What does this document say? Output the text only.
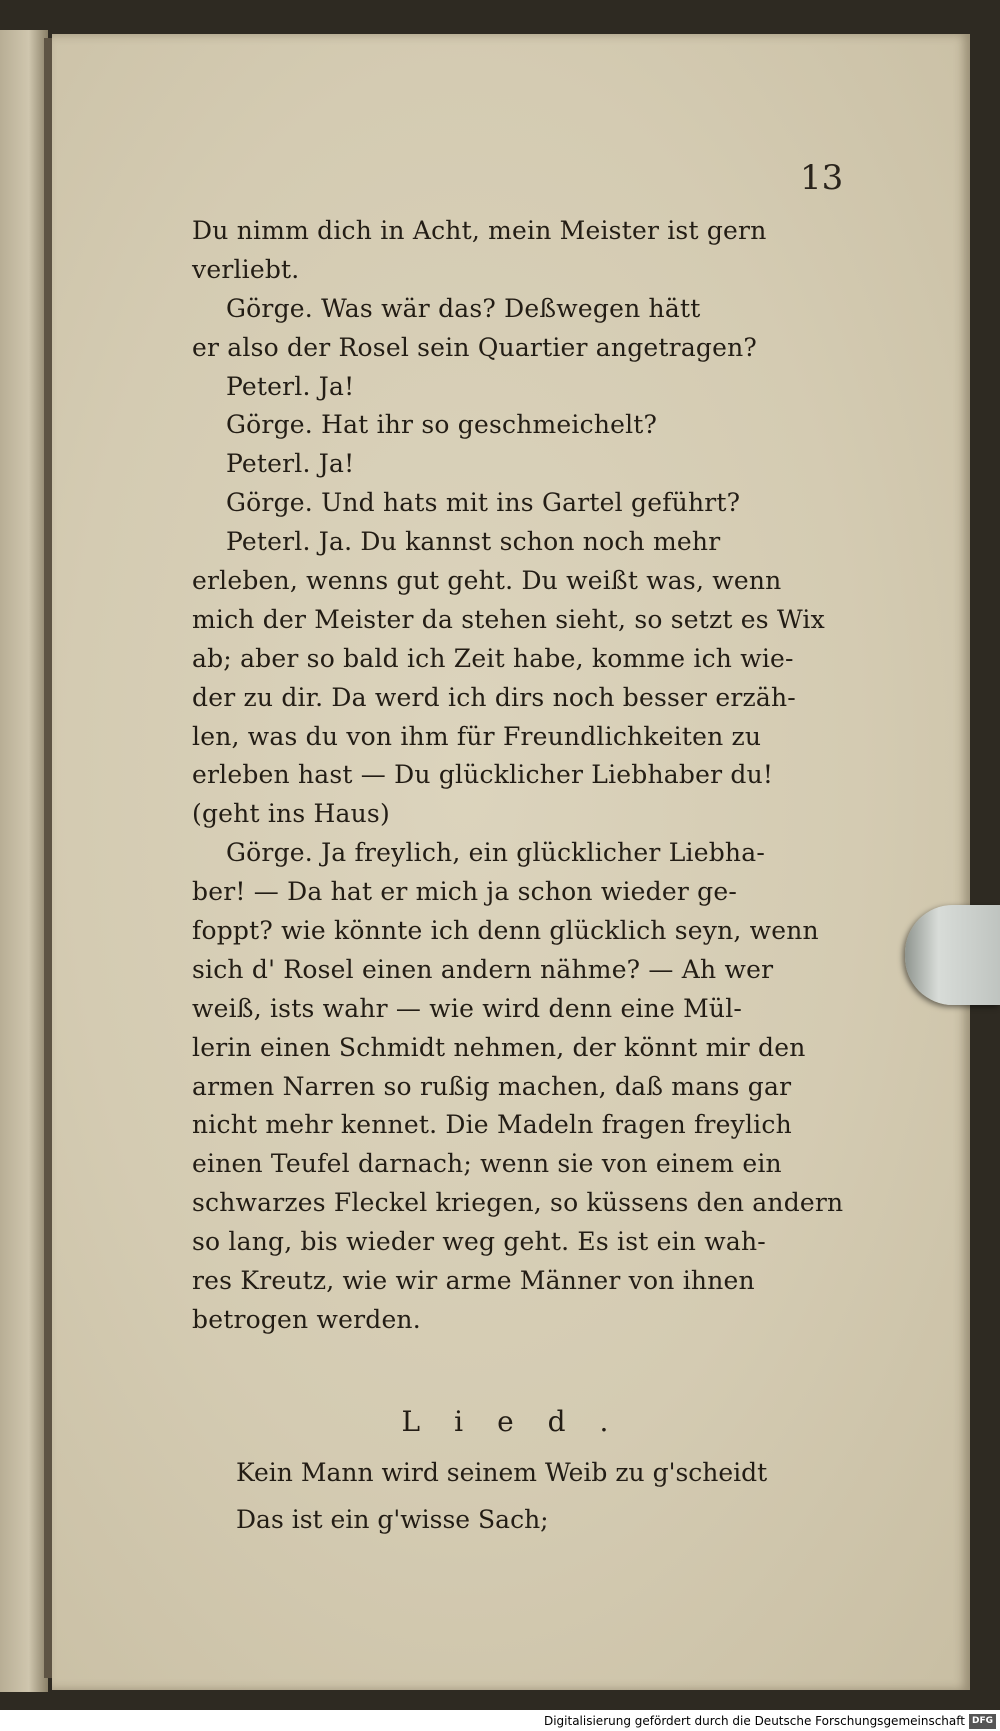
13
Du nimm dich in Acht, mein Meister ist gern
verliebt.
Görge. Was wär das? Deßwegen hätt
er also der Rosel sein Quartier angetragen?
Peterl. Ja!
Görge. Hat ihr so geschmeichelt?
Peterl. Ja!
Görge. Und hats mit ins Gartel geführt?
Peterl. Ja. Du kannst schon noch mehr
erleben, wenns gut geht. Du weißt was, wenn
mich der Meister da stehen sieht, so setzt es Wix
ab; aber so bald ich Zeit habe, komme ich wie-
der zu dir. Da werd ich dirs noch besser erzäh-
len, was du von ihm für Freundlichkeiten zu
erleben hast — Du glücklicher Liebhaber du!
(geht ins Haus)
Görge. Ja freylich, ein glücklicher Liebha-
ber! — Da hat er mich ja schon wieder ge-
foppt? wie könnte ich denn glücklich seyn, wenn
sich d' Rosel einen andern nähme? — Ah wer
weiß, ists wahr — wie wird denn eine Mül-
lerin einen Schmidt nehmen, der könnt mir den
armen Narren so rußig machen, daß mans gar
nicht mehr kennet. Die Madeln fragen freylich
einen Teufel darnach; wenn sie von einem ein
schwarzes Fleckel kriegen, so küssens den andern
so lang, bis wieder weg geht. Es ist ein wah-
res Kreutz, wie wir arme Männer von ihnen
betrogen werden.
Lied.
Kein Mann wird seinem Weib zu g'scheidt
Das ist ein g'wisse Sach;
Digitalisierung gefördert durch die Deutsche Forschungsgemeinschaft DFG
